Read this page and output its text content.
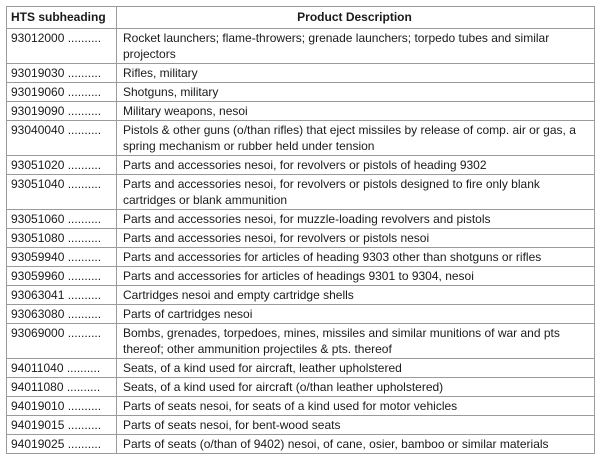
HTS subheading	Product Description
93012000 ..........	Rocket launchers; flame-throwers; grenade launchers; torpedo tubes and similar projectors
93019030 ..........	Rifles, military
93019060 ..........	Shotguns, military
93019090 ..........	Military weapons, nesoi
93040040 ..........	Pistols & other guns (o/than rifles) that eject missiles by release of comp. air or gas, a spring mechanism or rubber held under tension
93051020 ..........	Parts and accessories nesoi, for revolvers or pistols of heading 9302
93051040 ..........	Parts and accessories nesoi, for revolvers or pistols designed to fire only blank cartridges or blank ammunition
93051060 ..........	Parts and accessories nesoi, for muzzle-loading revolvers and pistols
93051080 ..........	Parts and accessories nesoi, for revolvers or pistols nesoi
93059940 ..........	Parts and accessories for articles of heading 9303 other than shotguns or rifles
93059960 ..........	Parts and accessories for articles of headings 9301 to 9304, nesoi
93063041 ..........	Cartridges nesoi and empty cartridge shells
93063080 ..........	Parts of cartridges nesoi
93069000 ..........	Bombs, grenades, torpedoes, mines, missiles and similar munitions of war and pts thereof; other ammunition projectiles & pts. thereof
94011040 ..........	Seats, of a kind used for aircraft, leather upholstered
94011080 ..........	Seats, of a kind used for aircraft (o/than leather upholstered)
94019010 ..........	Parts of seats nesoi, for seats of a kind used for motor vehicles
94019015 ..........	Parts of seats nesoi, for bent-wood seats
94019025 ..........	Parts of seats (o/than of 9402) nesoi, of cane, osier, bamboo or similar materials
